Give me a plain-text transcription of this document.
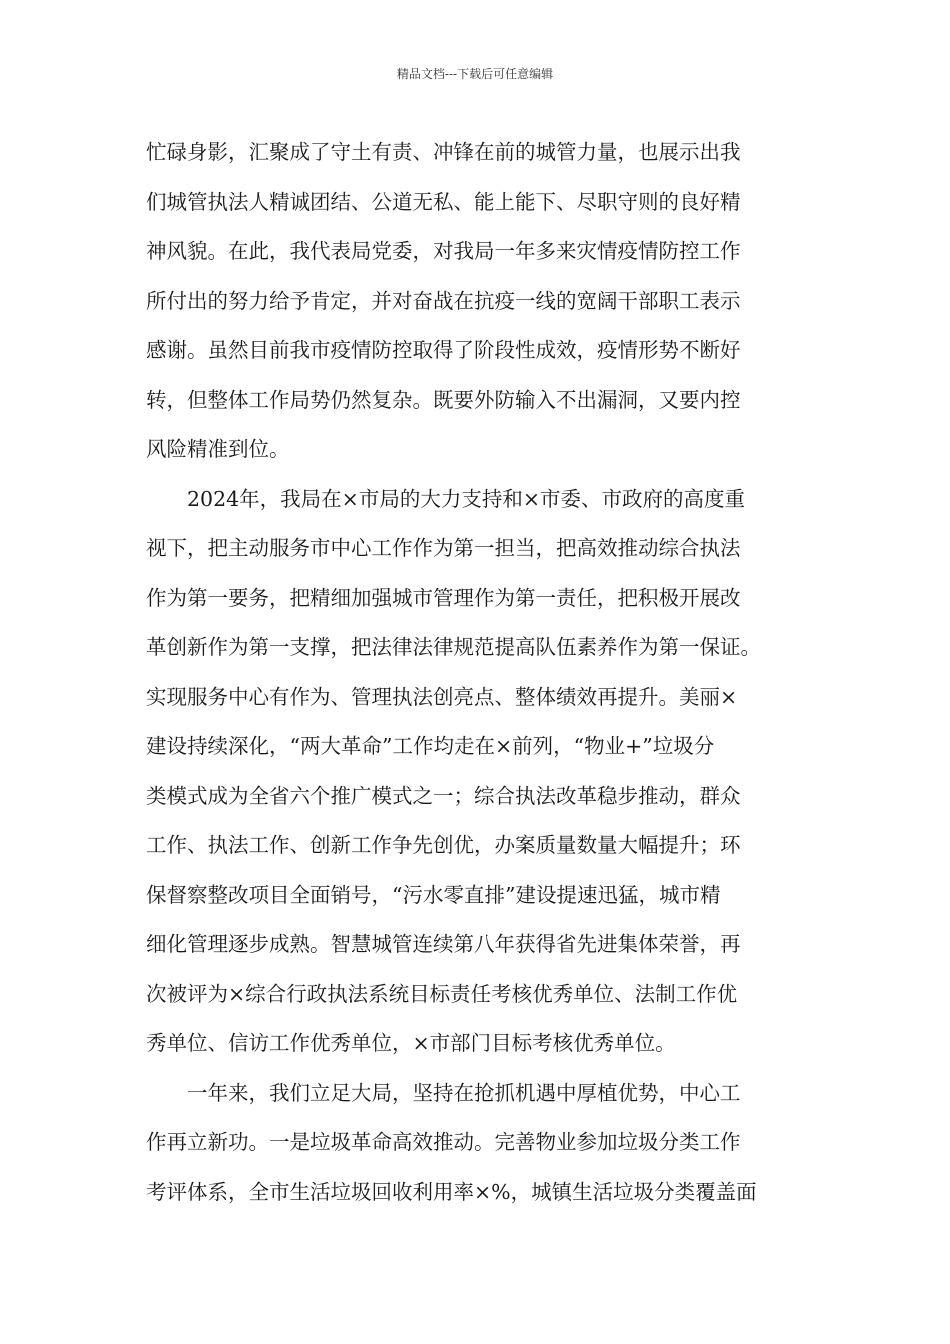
精品文档---下载后可任意编辑
忙碌身影，汇聚成了守土有责、冲锋在前的城管力量，也展示出我
们城管执法人精诚团结、公道无私、能上能下、尽职守则的良好精
神风貌。在此，我代表局党委，对我局一年多来灾情疫情防控工作
所付出的努力给予肯定，并对奋战在抗疫一线的宽阔干部职工表示
感谢。虽然目前我市疫情防控取得了阶段性成效，疫情形势不断好
转，但整体工作局势仍然复杂。既要外防输入不出漏洞，又要内控
风险精准到位。
2024年，我局在×市局的大力支持和×市委、市政府的高度重
视下，把主动服务市中心工作作为第一担当，把高效推动综合执法
作为第一要务，把精细加强城市管理作为第一责任，把积极开展改
革创新作为第一支撑，把法律法律规范提高队伍素养作为第一保证。
实现服务中心有作为、管理执法创亮点、整体绩效再提升。美丽×
建设持续深化，“两大革命”工作均走在×前列，“物业+”垃圾分
类模式成为全省六个推广模式之一；综合执法改革稳步推动，群众
工作、执法工作、创新工作争先创优，办案质量数量大幅提升；环
保督察整改项目全面销号，“污水零直排”建设提速迅猛，城市精
细化管理逐步成熟。智慧城管连续第八年获得省先进集体荣誉，再
次被评为×综合行政执法系统目标责任考核优秀单位、法制工作优
秀单位、信访工作优秀单位，×市部门目标考核优秀单位。
一年来，我们立足大局，坚持在抢抓机遇中厚植优势，中心工
作再立新功。一是垃圾革命高效推动。完善物业参加垃圾分类工作
考评体系，全市生活垃圾回收利用率×%，城镇生活垃圾分类覆盖面
